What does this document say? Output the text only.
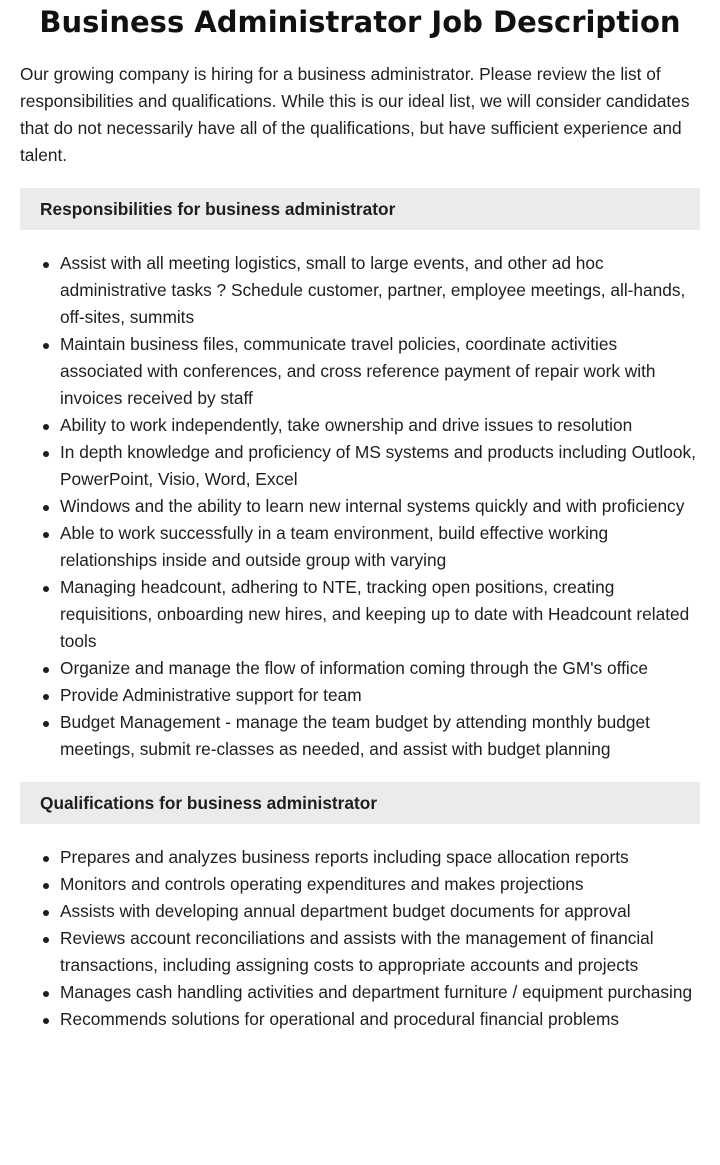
Business Administrator Job Description

Our growing company is hiring for a business administrator. Please review the list of responsibilities and qualifications. While this is our ideal list, we will consider candidates that do not necessarily have all of the qualifications, but have sufficient experience and talent.

Responsibilities for business administrator
Assist with all meeting logistics, small to large events, and other ad hoc administrative tasks ? Schedule customer, partner, employee meetings, all-hands, off-sites, summits
Maintain business files, communicate travel policies, coordinate activities associated with conferences, and cross reference payment of repair work with invoices received by staff
Ability to work independently, take ownership and drive issues to resolution
In depth knowledge and proficiency of MS systems and products including Outlook, PowerPoint, Visio, Word, Excel
Windows and the ability to learn new internal systems quickly and with proficiency
Able to work successfully in a team environment, build effective working relationships inside and outside group with varying
Managing headcount, adhering to NTE, tracking open positions, creating requisitions, onboarding new hires, and keeping up to date with Headcount related tools
Organize and manage the flow of information coming through the GM's office
Provide Administrative support for team
Budget Management - manage the team budget by attending monthly budget meetings, submit re-classes as needed, and assist with budget planning
Qualifications for business administrator
Prepares and analyzes business reports including space allocation reports
Monitors and controls operating expenditures and makes projections
Assists with developing annual department budget documents for approval
Reviews account reconciliations and assists with the management of financial transactions, including assigning costs to appropriate accounts and projects
Manages cash handling activities and department furniture / equipment purchasing
Recommends solutions for operational and procedural financial problems
